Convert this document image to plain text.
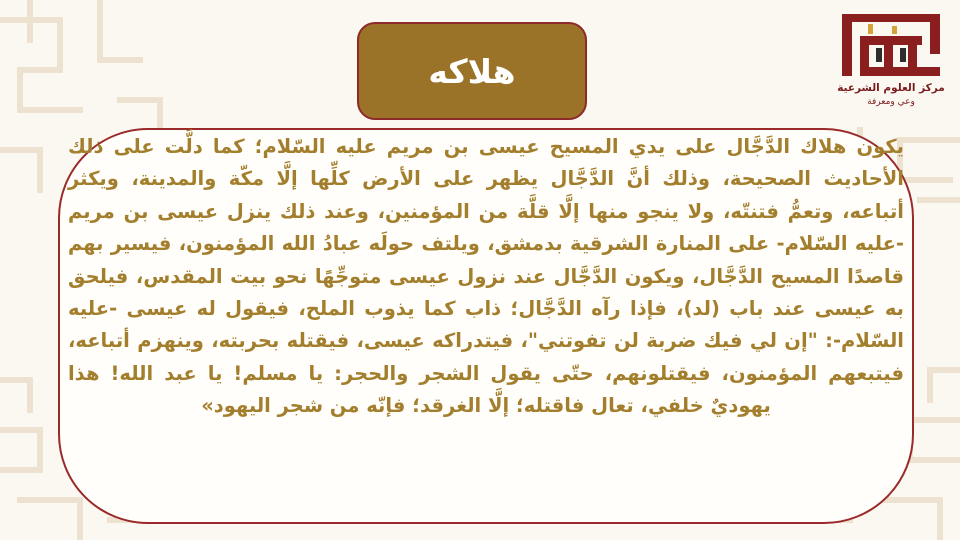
هلاكه

يكون هلاك الدَّجَّال على يدي المسيح عيسى بن مريم عليه السّلام؛ كما دلَّت على ذلك الأحاديث الصحيحة، وذلك أنَّ الدَّجَّال يظهر على الأرض كلِّها إلَّا مكّة والمدينة، ويكثر أتباعه، وتعمُّ فتنتّه، ولا ينجو منها إلَّا قلَّة من المؤمنين، وعند ذلك ينزل عيسى بن مريم -عليه السّلام- على المنارة الشرقية بدمشق، ويلتف حولَه عبادُ الله المؤمنون، فيسير بهم قاصدًا المسيح الدَّجَّال، ويكون الدَّجَّال عند نزول عيسى متوجِّهًا نحو بيت المقدس، فيلحق به عيسى عند باب (لد)، فإذا رآه الدَّجَّال؛ ذاب كما يذوب الملح، فيقول له عيسى -عليه السّلام-: "إن لي فيك ضربة لن تفوتني"، فيتدراكه عيسى، فيقتله بحربته، وينهزم أتباعه، فيتبعهم المؤمنون، فيقتلونهم، حتّى يقول الشجر والحجر: يا مسلم! يا عبد الله! هذا يهوديٌ خلفي، تعال فاقتله؛ إلَّا الغرقد؛ فإنّه من شجر اليهود»

مركز العلوم الشرعية
وعي ومعرفة
